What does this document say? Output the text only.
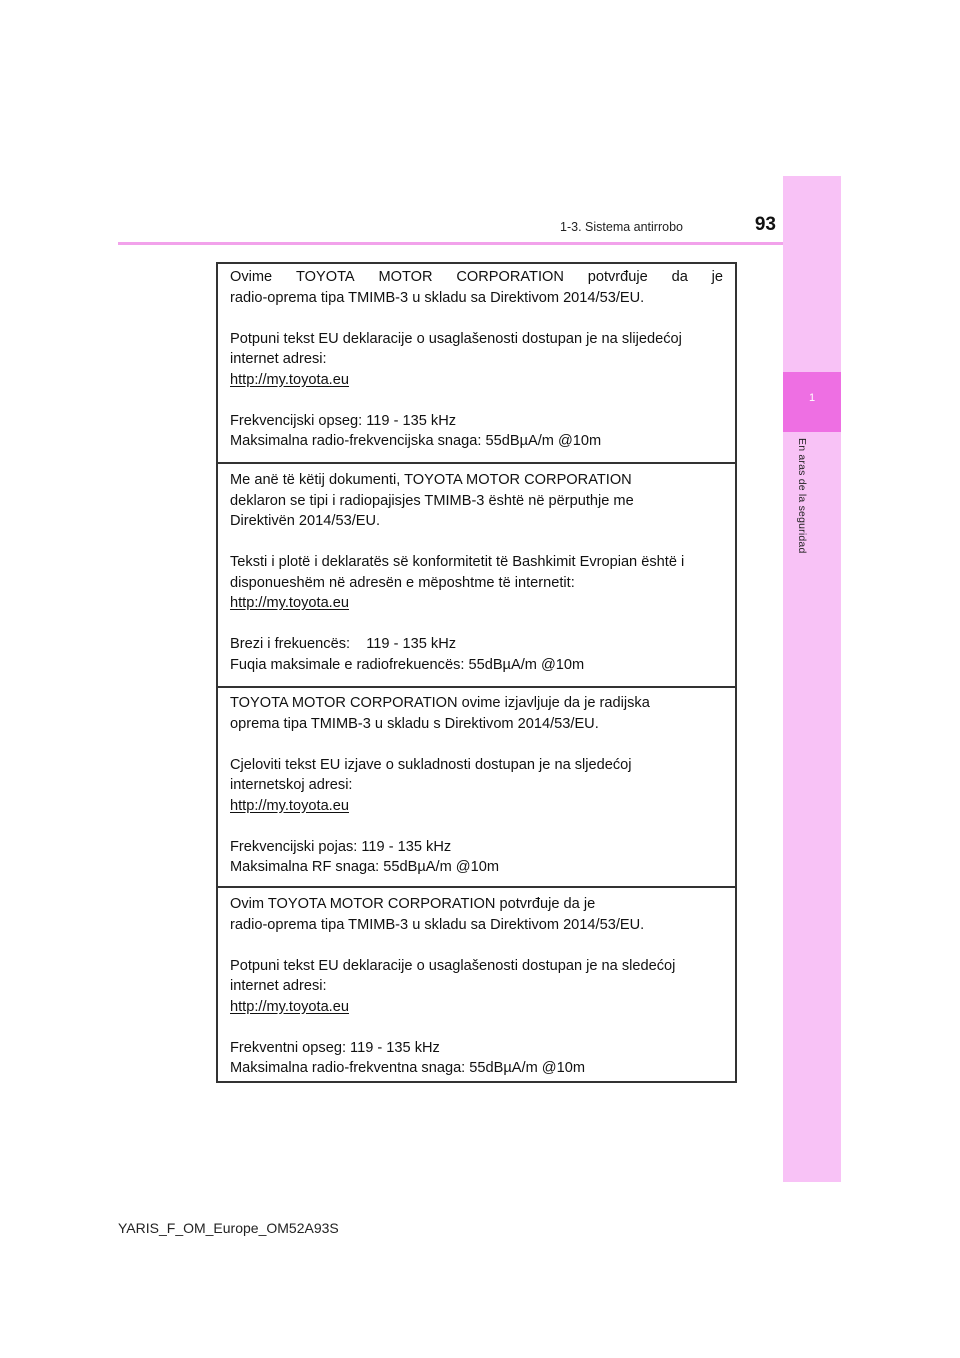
1
En aras de la seguridad
1-3. Sistema antirrobo	93
Ovime TOYOTA MOTOR CORPORATION potvrđuje da je
radio-oprema tipa TMIMB-3 u skladu sa Direktivom 2014/53/EU.
Potpuni tekst EU deklaracije o usaglašenosti dostupan je na slijedećoj
internet adresi:
http://my.toyota.eu
Frekvencijski opseg: 119 - 135 kHz
Maksimalna radio-frekvencijska snaga: 55dBµA/m @10m
Me anë të këtij dokumenti, TOYOTA MOTOR CORPORATION
deklaron se tipi i radiopajisjes TMIMB-3 është në përputhje me
Direktivën 2014/53/EU.
Teksti i plotë i deklaratës së konformitetit të Bashkimit Evropian është i
disponueshëm në adresën e mëposhtme të internetit:
http://my.toyota.eu
Brezi i frekuencës:    119 - 135 kHz
Fuqia maksimale e radiofrekuencës: 55dBµA/m @10m
TOYOTA MOTOR CORPORATION ovime izjavljuje da je radijska
oprema tipa TMIMB-3 u skladu s Direktivom 2014/53/EU.
Cjeloviti tekst EU izjave o sukladnosti dostupan je na sljedećoj
internetskoj adresi:
http://my.toyota.eu
Frekvencijski pojas: 119 - 135 kHz
Maksimalna RF snaga: 55dBµA/m @10m
Ovim TOYOTA MOTOR CORPORATION potvrđuje da je
radio-oprema tipa TMIMB-3 u skladu sa Direktivom 2014/53/EU.
Potpuni tekst EU deklaracije o usaglašenosti dostupan je na sledećoj
internet adresi:
http://my.toyota.eu
Frekventni opseg: 119 - 135 kHz
Maksimalna radio-frekventna snaga: 55dBµA/m @10m
YARIS_F_OM_Europe_OM52A93S
